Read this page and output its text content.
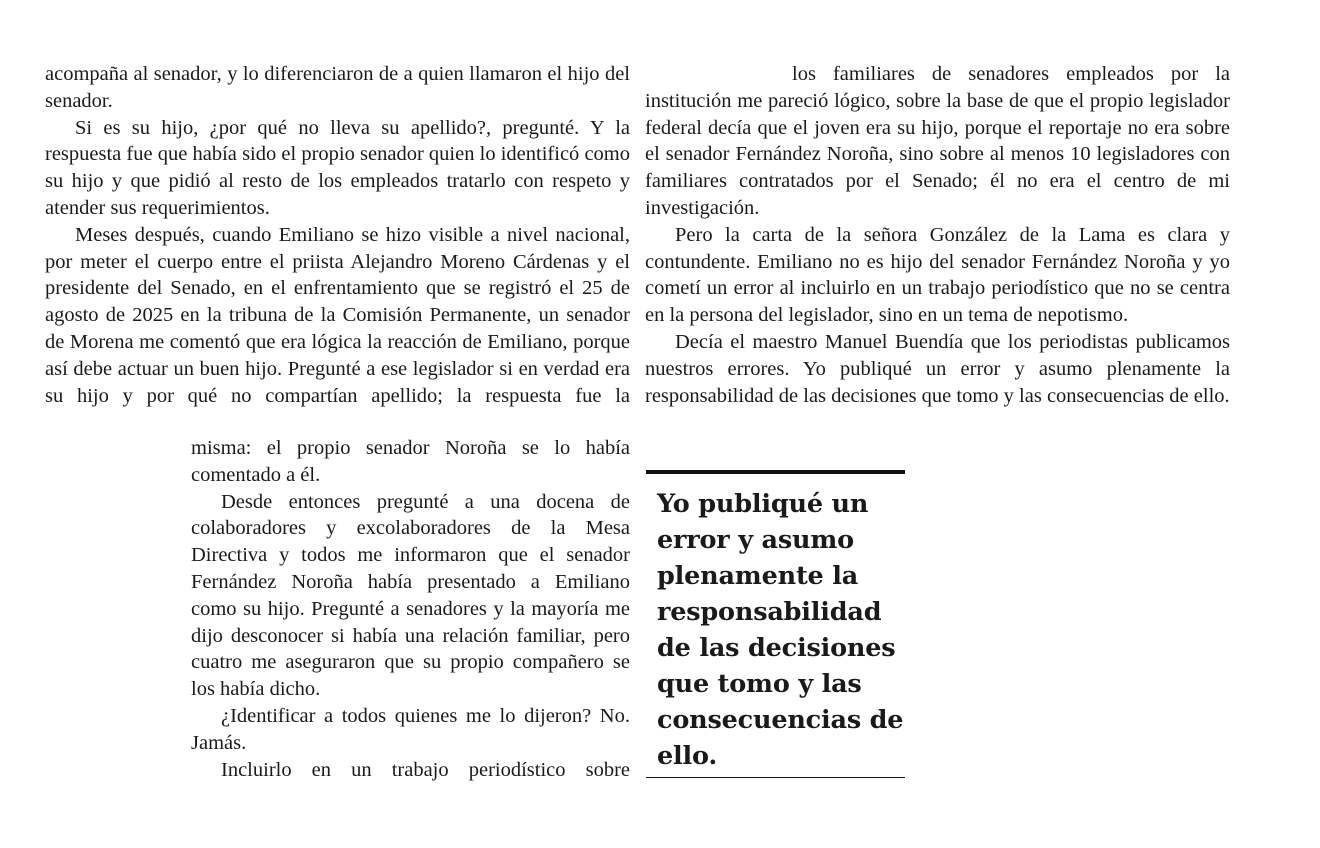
acompaña al senador, y lo diferenciaron de a quien llamaron el hijo del senador.

Si es su hijo, ¿por qué no lleva su apellido?, pregunté. Y la respuesta fue que había sido el propio senador quien lo identificó como su hijo y que pidió al resto de los empleados tratarlo con respeto y atender sus requerimientos.

Meses después, cuando Emiliano se hizo visible a nivel nacional, por meter el cuerpo entre el priista Alejandro Moreno Cárdenas y el presidente del Senado, en el enfrentamiento que se registró el 25 de agosto de 2025 en la tribuna de la Comisión Permanente, un senador de Morena me comentó que era lógica la reacción de Emiliano, porque así debe actuar un buen hijo. Pregunté a ese legislador si en verdad era su hijo y por qué no compartían apellido; la respuesta fue la

misma: el propio senador Noroña se lo había comentado a él.

Desde entonces pregunté a una docena de colaboradores y excolaboradores de la Mesa Directiva y todos me informaron que el senador Fernández Noroña había presentado a Emiliano como su hijo. Pregunté a senadores y la mayoría me dijo desconocer si había una relación familiar, pero cuatro me aseguraron que su propio compañero se los había dicho.

¿Identificar a todos quienes me lo dijeron? No. Jamás.

Incluirlo en un trabajo periodístico sobre

los familiares de senadores empleados por la institución me pareció lógico, sobre la base de que el propio legislador federal decía que el joven era su hijo, porque el reportaje no era sobre el senador Fernández Noroña, sino sobre al menos 10 legisladores con familiares contratados por el Senado; él no era el centro de mi investigación.

Pero la carta de la señora González de la Lama es clara y contundente. Emiliano no es hijo del senador Fernández Noroña y yo cometí un error al incluirlo en un trabajo periodístico que no se centra en la persona del legislador, sino en un tema de nepotismo.

Decía el maestro Manuel Buendía que los periodistas publicamos nuestros errores. Yo publiqué un error y asumo plenamente la responsabilidad de las decisiones que tomo y las consecuencias de ello.

Yo publiqué un error y asumo plenamente la responsabilidad de las decisiones que tomo y las consecuencias de ello.
